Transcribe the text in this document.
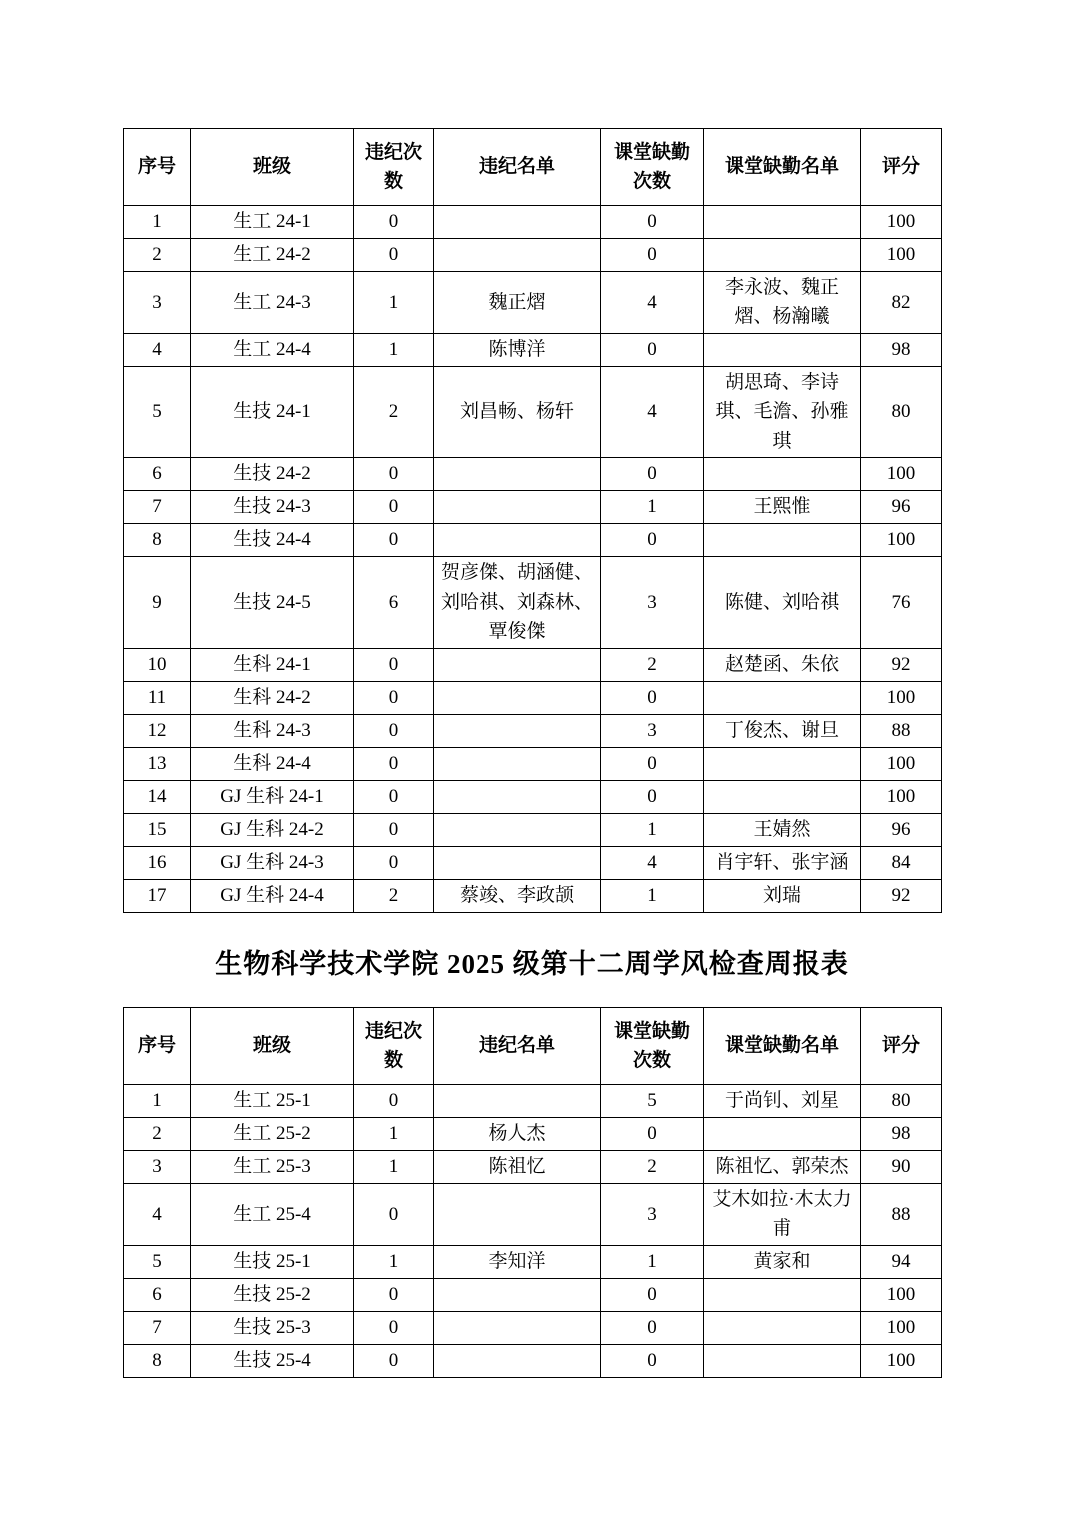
序号	班级	违纪次数	违纪名单	课堂缺勤次数	课堂缺勤名单	评分
1	生工 24-1	0		0		100
2	生工 24-2	0		0		100
3	生工 24-3	1	魏正熠	4	李永波、魏正熠、杨瀚曦	82
4	生工 24-4	1	陈博洋	0		98
5	生技 24-1	2	刘昌畅、杨轩	4	胡思琦、李诗琪、毛澹、孙雅琪	80
6	生技 24-2	0		0		100
7	生技 24-3	0		1	王熙惟	96
8	生技 24-4	0		0		100
9	生技 24-5	6	贺彦傑、胡涵健、刘哈祺、刘森林、覃俊傑	3	陈健、刘哈祺	76
10	生科 24-1	0		2	赵楚函、朱依	92
11	生科 24-2	0		0		100
12	生科 24-3	0		3	丁俊杰、谢旦	88
13	生科 24-4	0		0		100
14	GJ 生科 24-1	0		0		100
15	GJ 生科 24-2	0		1	王婧然	96
16	GJ 生科 24-3	0		4	肖宇轩、张宇涵	84
17	GJ 生科 24-4	2	蔡竣、李政颉	1	刘瑞	92
生物科学技术学院 2025 级第十二周学风检查周报表
序号	班级	违纪次数	违纪名单	课堂缺勤次数	课堂缺勤名单	评分
1	生工 25-1	0		5	于尚钊、刘星	80
2	生工 25-2	1	杨人杰	0		98
3	生工 25-3	1	陈祖忆	2	陈祖忆、郭荣杰	90
4	生工 25-4	0		3	艾木如拉·木太力甫	88
5	生技 25-1	1	李知洋	1	黄家和	94
6	生技 25-2	0		0		100
7	生技 25-3	0		0		100
8	生技 25-4	0		0		100
